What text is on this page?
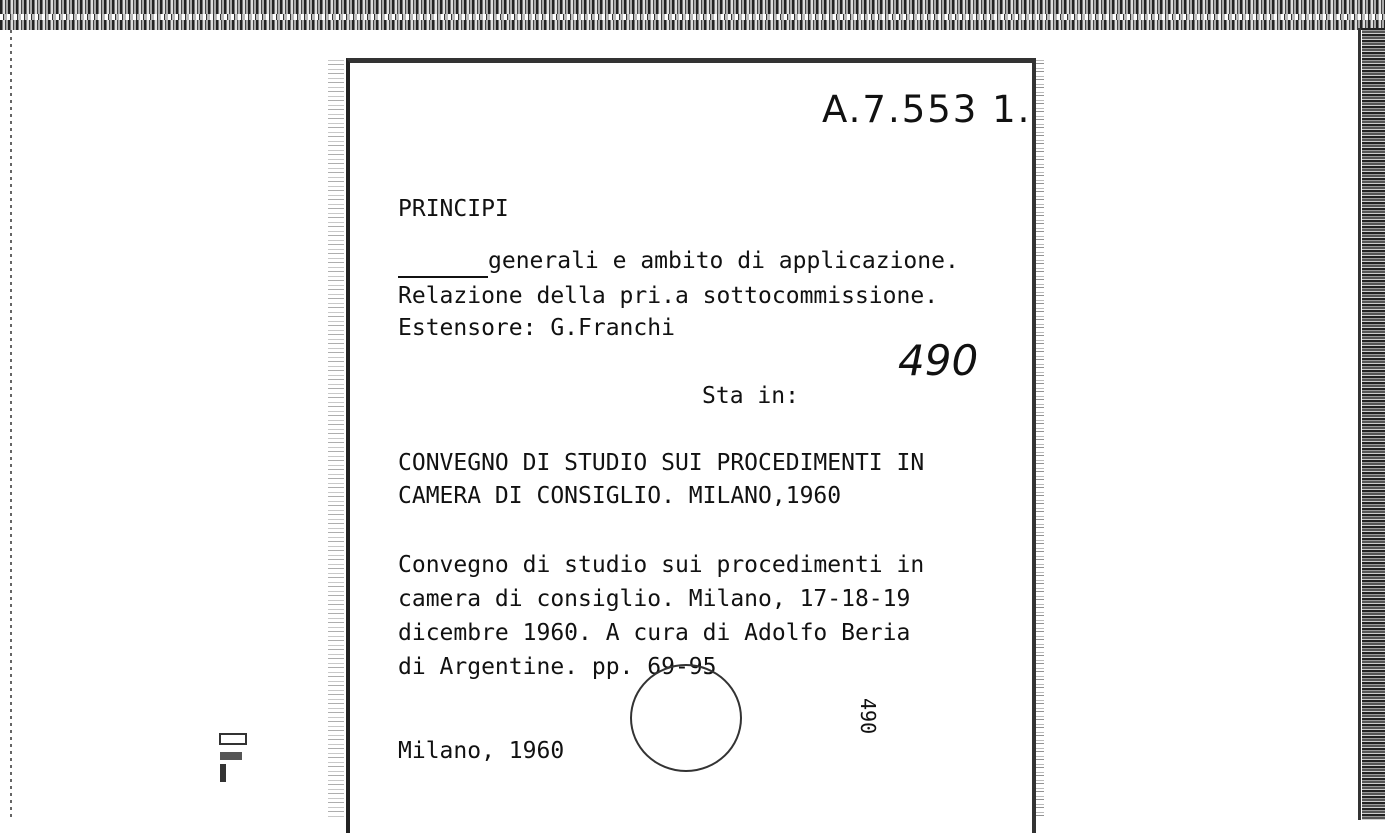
A.7.553 1.
PRINCIPI
generali e ambito di applicazione.
Relazione della pri.a sottocommissione.
Estensore: G.Franchi
490
Sta in:
CONVEGNO DI STUDIO SUI PROCEDIMENTI IN
CAMERA DI CONSIGLIO. MILANO,1960
Convegno di studio sui procedimenti in
camera di consiglio. Milano, 17-18-19
dicembre 1960. A cura di Adolfo Beria
di Argentine. pp. 69-95
490
Milano, 1960
